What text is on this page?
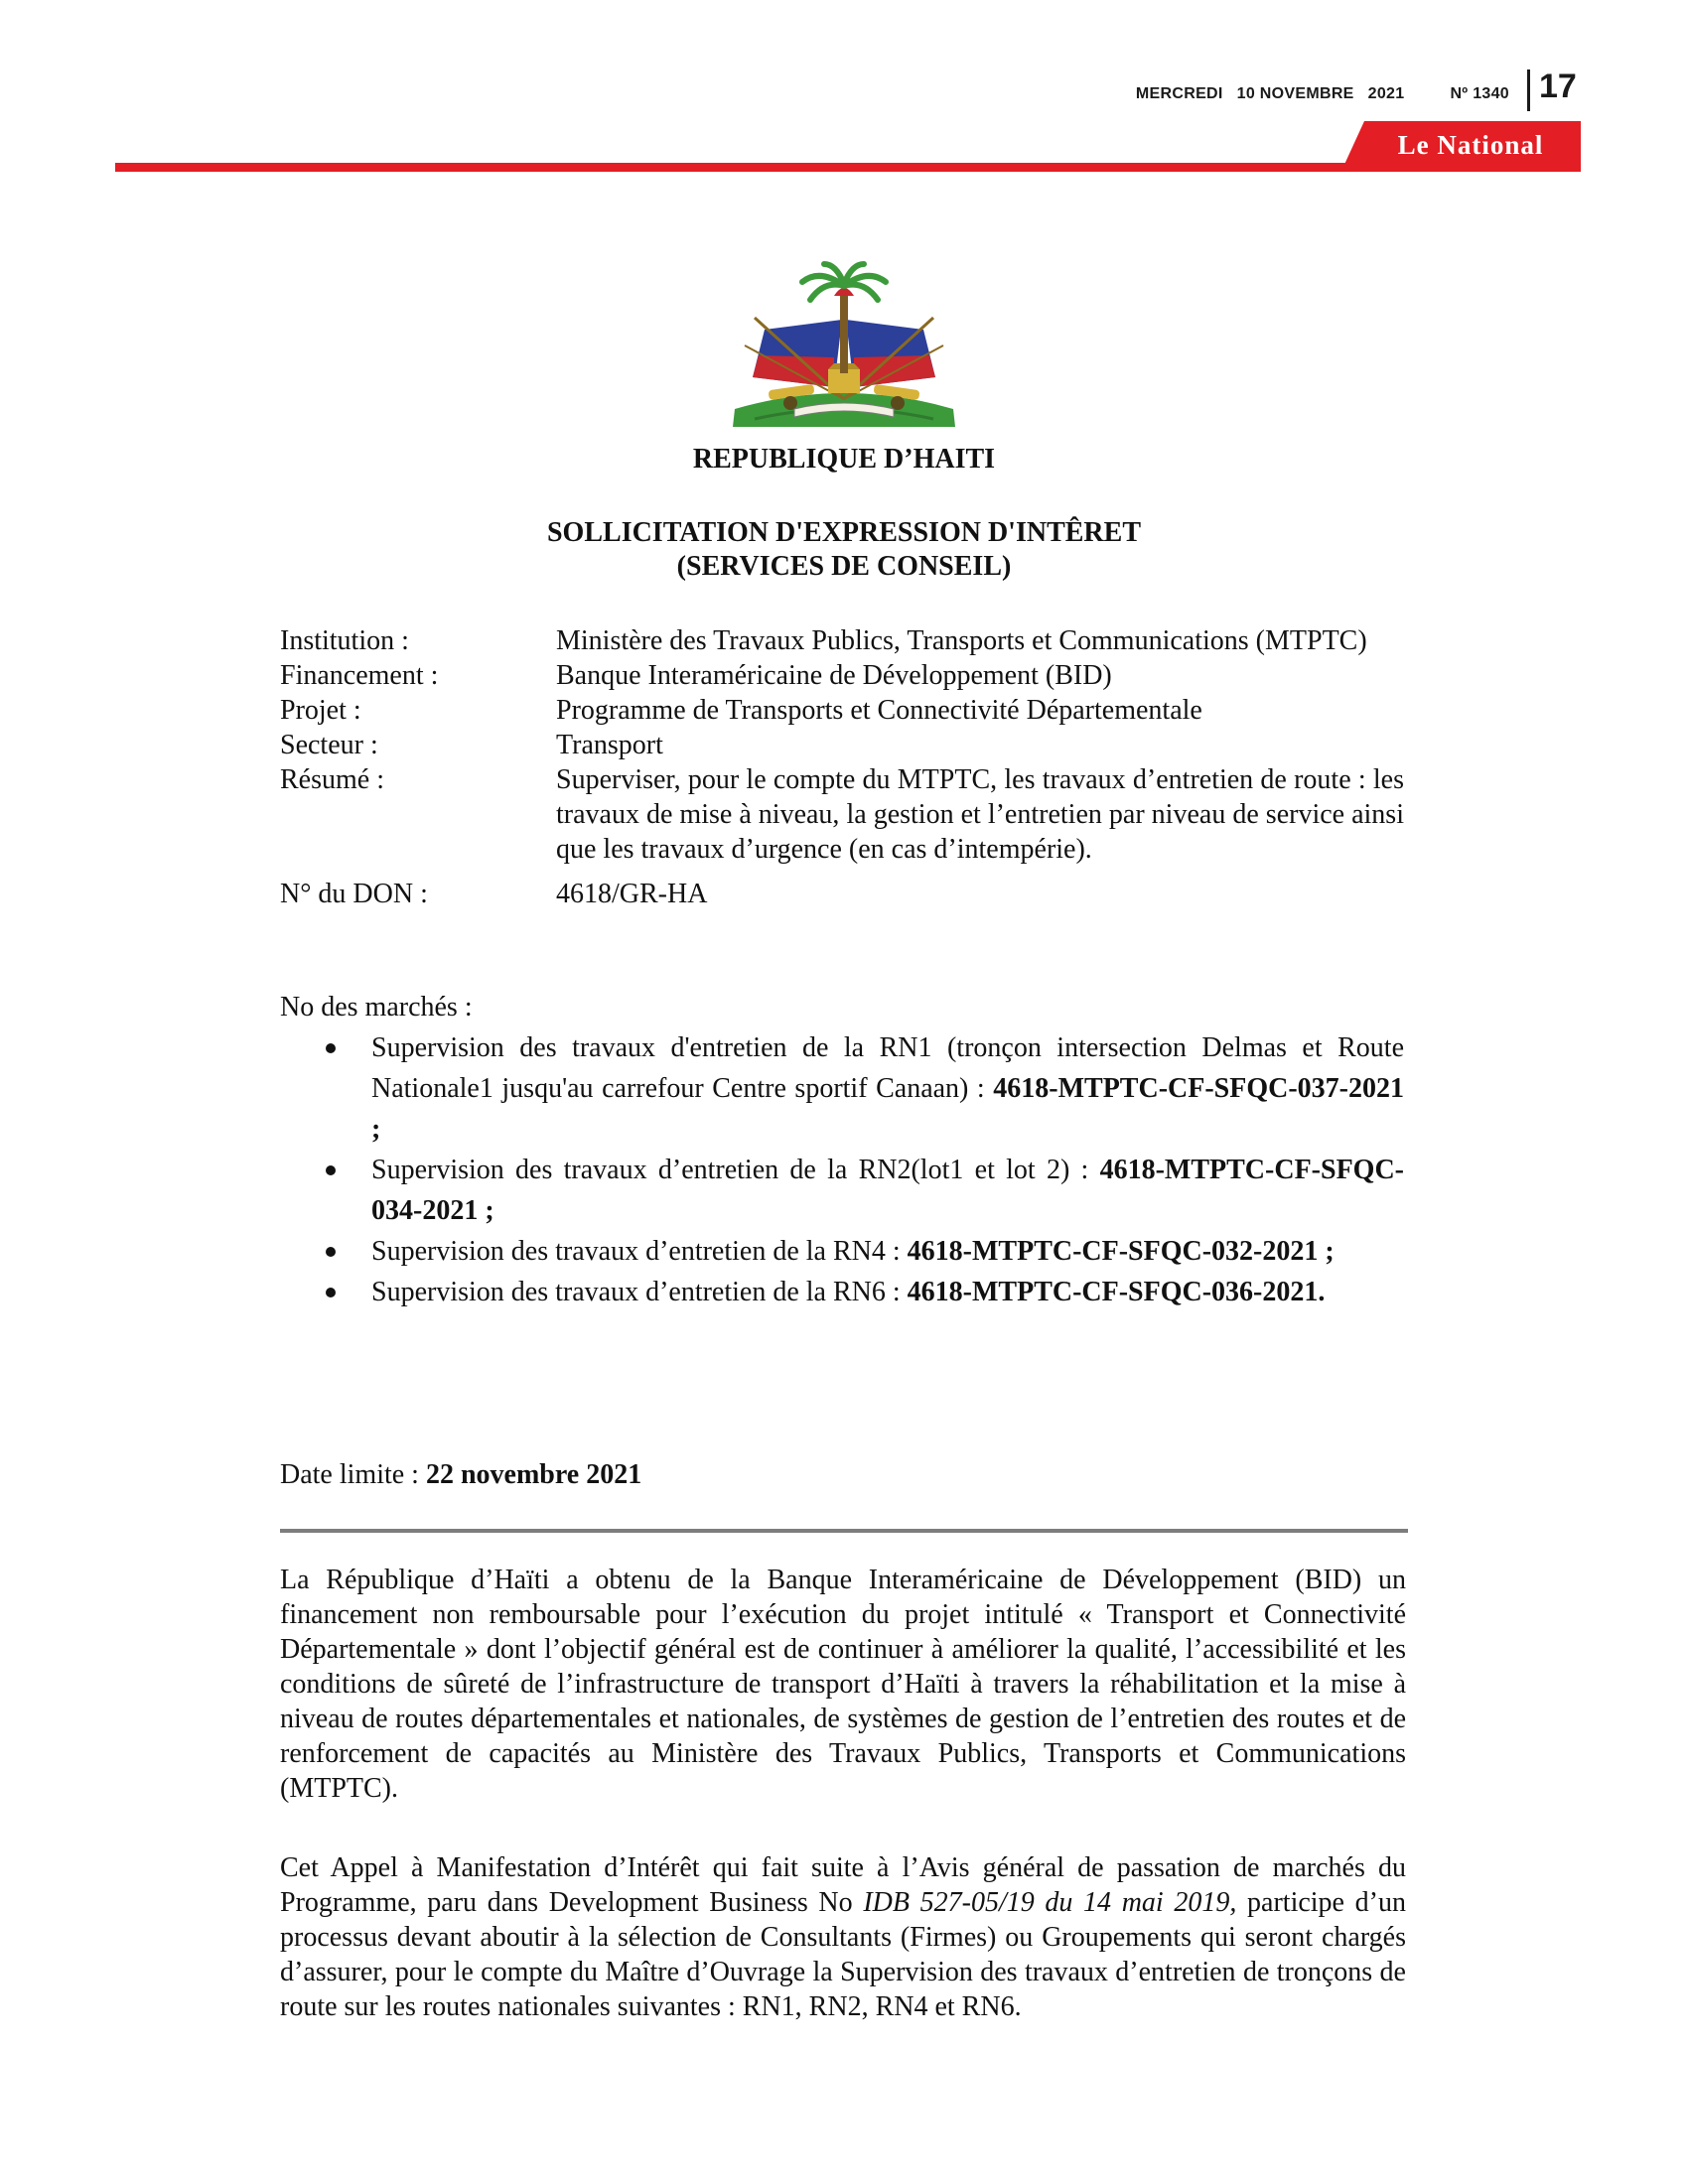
MERCREDI 10 NOVEMBRE 2021	Nº 1340 17
Le National
REPUBLIQUE D’HAITI
SOLLICITATION D'EXPRESSION D'INTÊRET
(SERVICES DE CONSEIL)
Institution :	Ministère des Travaux Publics, Transports et Communications (MTPTC)
Financement :	Banque Interaméricaine de Développement (BID)
Projet :	Programme de Transports et Connectivité Départementale
Secteur :	Transport
Résumé :	Superviser, pour le compte du MTPTC, les travaux d’entretien de route : les travaux de mise à niveau, la gestion et l’entretien par niveau de service ainsi que les travaux d’urgence (en cas d’intempérie).
N° du DON :	4618/GR-HA
No des marchés :
Supervision des travaux d'entretien de la RN1 (tronçon intersection Delmas et Route Nationale1 jusqu'au carrefour Centre sportif Canaan) : 4618-MTPTC-CF-SFQC-037-2021 ;
Supervision des travaux d’entretien de la RN2(lot1 et lot 2) : 4618-MTPTC-CF-SFQC-034-2021 ;
Supervision des travaux d’entretien de la RN4 : 4618-MTPTC-CF-SFQC-032-2021 ;
Supervision des travaux d’entretien de la RN6 : 4618-MTPTC-CF-SFQC-036-2021.
Date limite : 22 novembre 2021
La République d’Haïti a obtenu de la Banque Interaméricaine de Développement (BID) un financement non remboursable pour l’exécution du projet intitulé « Transport et Connectivité Départementale » dont l’objectif général est de continuer à améliorer la qualité, l’accessibilité et les conditions de sûreté de l’infrastructure de transport d’Haïti à travers la réhabilitation et la mise à niveau de routes départementales et nationales, de systèmes de gestion de l’entretien des routes et de renforcement de capacités au Ministère des Travaux Publics, Transports et Communications (MTPTC).
Cet Appel à Manifestation d’Intérêt qui fait suite à l’Avis général de passation de marchés du Programme, paru dans Development Business No IDB 527-05/19 du 14 mai 2019, participe d’un processus devant aboutir à la sélection de Consultants (Firmes) ou Groupements qui seront chargés d’assurer, pour le compte du Maître d’Ouvrage la Supervision des travaux d’entretien de tronçons de route sur les routes nationales suivantes : RN1, RN2, RN4 et RN6.
